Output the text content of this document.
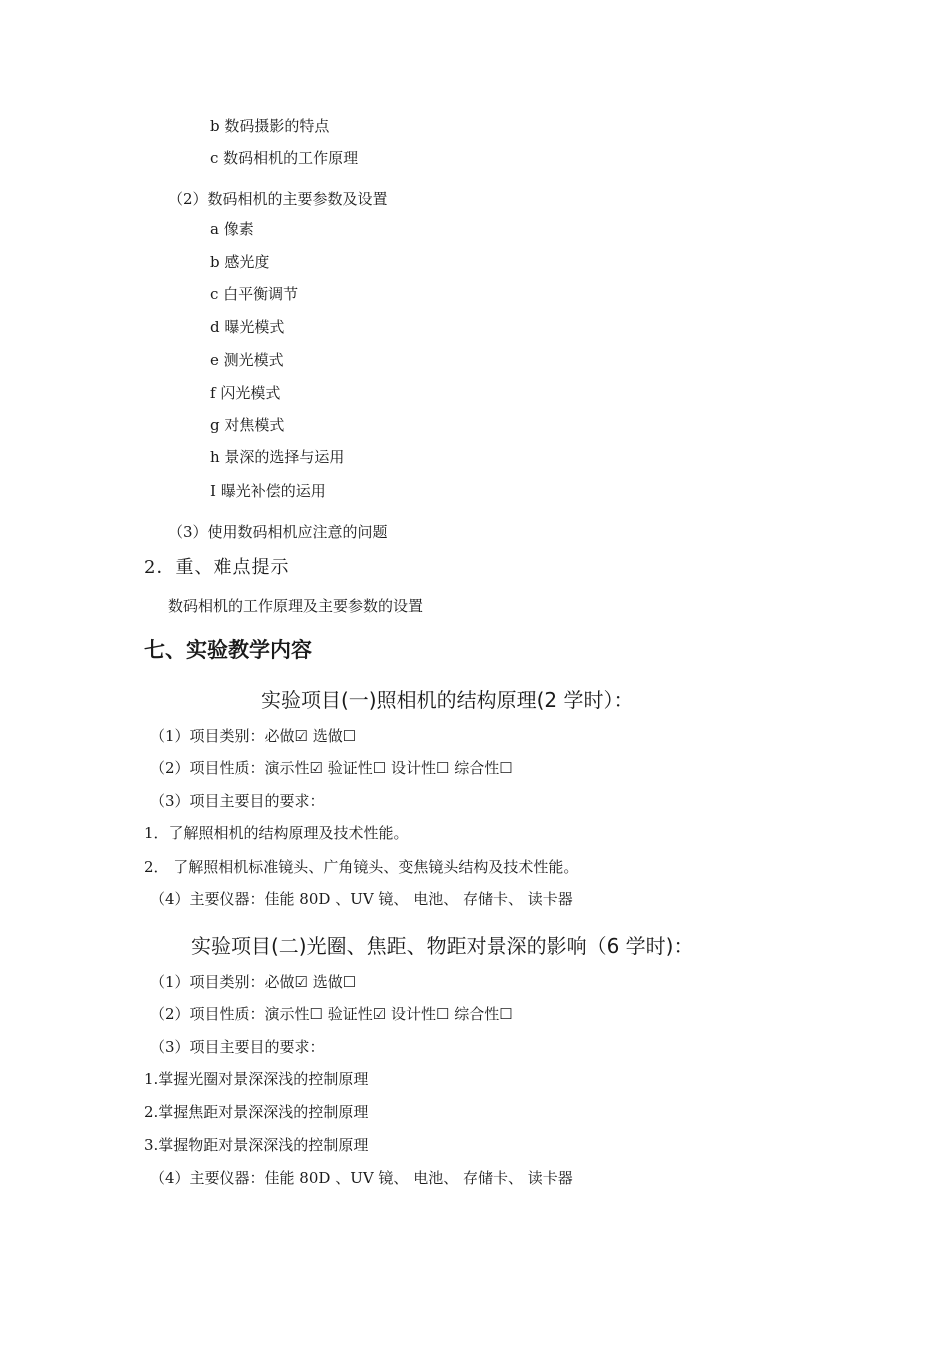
b 数码摄影的特点
c 数码相机的工作原理
（2）数码相机的主要参数及设置
a 像素
b 感光度
c 白平衡调节
d 曝光模式
e 测光模式
f 闪光模式
g 对焦模式
h 景深的选择与运用
I 曝光补偿的运用
（3）使用数码相机应注意的问题
2．重、难点提示
数码相机的工作原理及主要参数的设置
七、实验教学内容
实验项目(一)照相机的结构原理(2 学时）：
（1）项目类别：必做☑ 选做☐
（2）项目性质：演示性☑ 验证性☐ 设计性☐ 综合性☐
（3）项目主要目的要求：
1．了解照相机的结构原理及技术性能。
2． 了解照相机标准镜头、广角镜头、变焦镜头结构及技术性能。
（4）主要仪器：佳能 80D 、UV 镜、 电池、 存储卡、 读卡器
实验项目(二)光圈、焦距、物距对景深的影响（6 学时)：
（1）项目类别：必做☑ 选做☐
（2）项目性质：演示性☐ 验证性☑ 设计性☐ 综合性☐
（3）项目主要目的要求：
1.掌握光圈对景深深浅的控制原理
2.掌握焦距对景深深浅的控制原理
3.掌握物距对景深深浅的控制原理
（4）主要仪器：佳能 80D 、UV 镜、 电池、 存储卡、 读卡器
